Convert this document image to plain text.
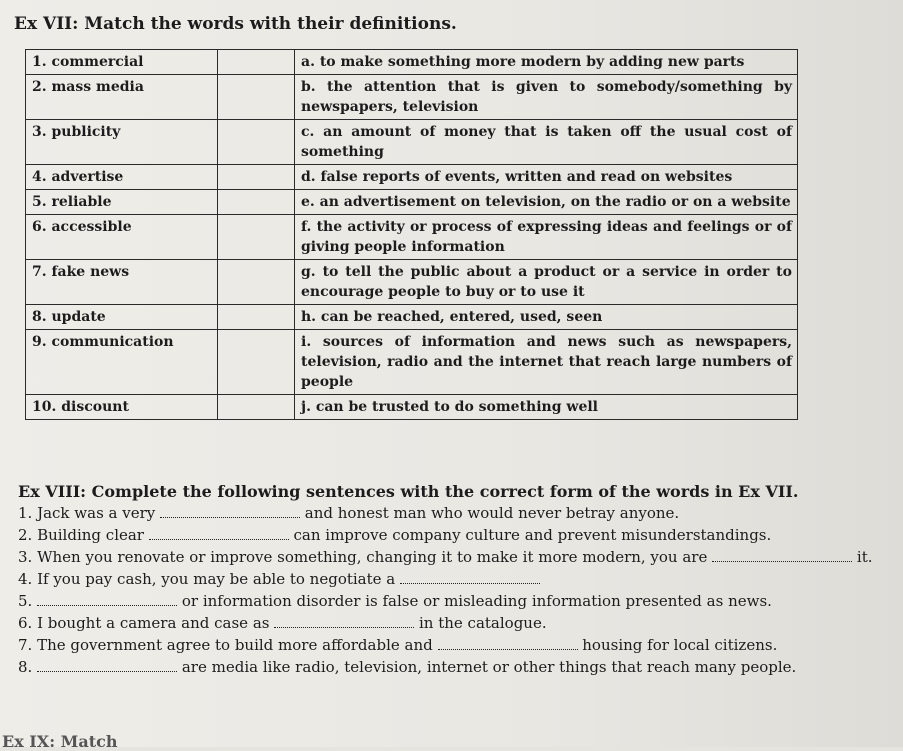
Ex VII: Match the words with their definitions.
1. commercial		a. to make something more modern by adding new parts
2. mass media		b. the attention that is given to somebody/something by newspapers, television
3. publicity		c. an amount of money that is taken off the usual cost of something
4. advertise		d. false reports of events, written and read on websites
5. reliable		e. an advertisement on television, on the radio or on a website
6. accessible		f. the activity or process of expressing ideas and feelings or of giving people information
7. fake news		g. to tell the public about a product or a service in order to encourage people to buy or to use it
8. update		h. can be reached, entered, used, seen
9. communication		i. sources of information and news such as newspapers, television, radio and the internet that reach large numbers of people
10. discount		j. can be trusted to do something well
Ex VIII: Complete the following sentences with the correct form of the words in Ex VII.
1. Jack was a very	and honest man who would never betray anyone.
2. Building clear	can improve company culture and prevent misunderstandings.
3. When you renovate or improve something, changing it to make it more modern, you are	it.
4. If you pay cash, you may be able to negotiate a
5.	or information disorder is false or misleading information presented as news.
6. I bought a camera and case as	in the catalogue.
7. The government agree to build more affordable and	housing for local citizens.
8.	are media like radio, television, internet or other things that reach many people.
Ex IX: Match
